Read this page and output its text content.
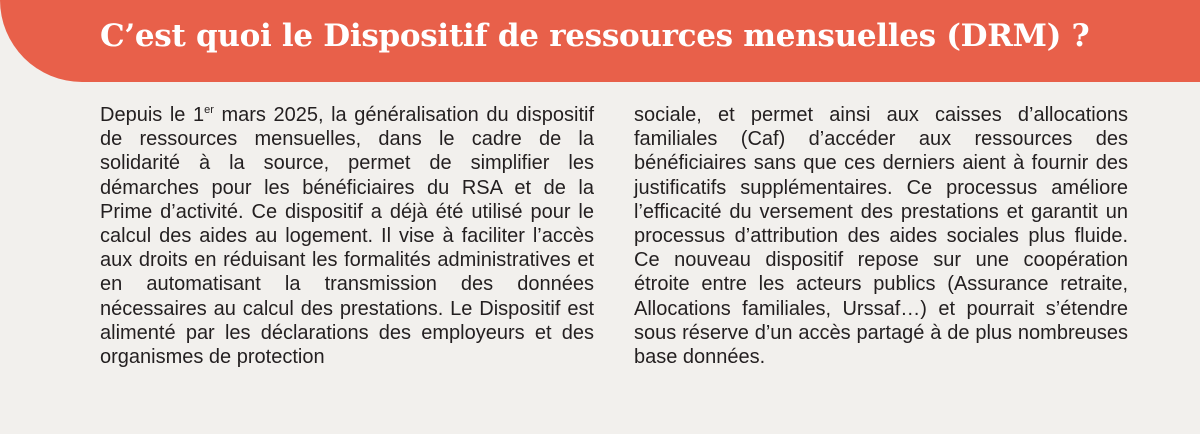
C’est quoi le Dispositif de ressources mensuelles (DRM) ?

Depuis le 1er mars 2025, la généralisation du dispositif de ressources mensuelles, dans le cadre de la solidarité à la source, permet de simplifier les démarches pour les bénéficiaires du RSA et de la Prime d’activité. Ce dispositif a déjà été utilisé pour le calcul des aides au logement. Il vise à faciliter l’accès aux droits en réduisant les formalités administratives et en automatisant la transmission des données nécessaires au calcul des prestations. Le Dispositif est alimenté par les déclarations des employeurs et des organismes de protection

sociale, et permet ainsi aux caisses d’allocations familiales (Caf) d’accéder aux ressources des bénéficiaires sans que ces derniers aient à fournir des justificatifs supplémentaires. Ce processus améliore l’efficacité du versement des prestations et garantit un processus d’attribution des aides sociales plus fluide. Ce nouveau dispositif repose sur une coopération étroite entre les acteurs publics (Assurance retraite, Allocations familiales, Urssaf…) et pourrait s’étendre sous réserve d’un accès partagé à de plus nombreuses base données.
